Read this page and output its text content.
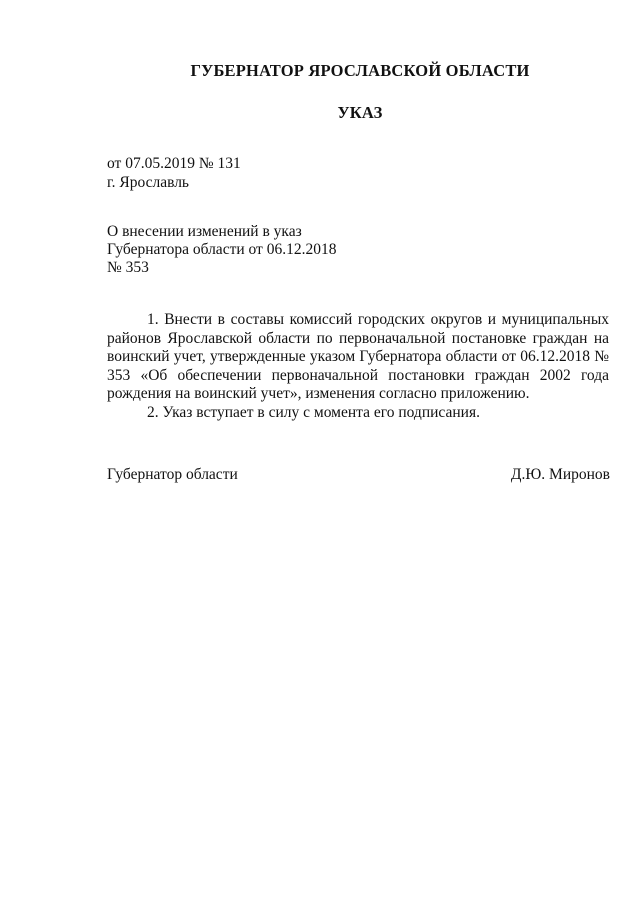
ГУБЕРНАТОР ЯРОСЛАВСКОЙ ОБЛАСТИ
УКАЗ

от 07.05.2019 № 131

г. Ярославль

О внесении изменений в указ

Губернатора области от 06.12.2018

№ 353

1. Внести в составы комиссий городских округов и муниципальных районов Ярославской области по первоначальной постановке граждан на воинский учет, утвержденные указом Губернатора области от 06.12.2018 № 353 «Об обеспечении первоначальной постановки граждан 2002 года рождения на воинский учет», изменения согласно приложению.

2. Указ вступает в силу с момента его подписания.

Губернатор области	Д.Ю. Миронов
